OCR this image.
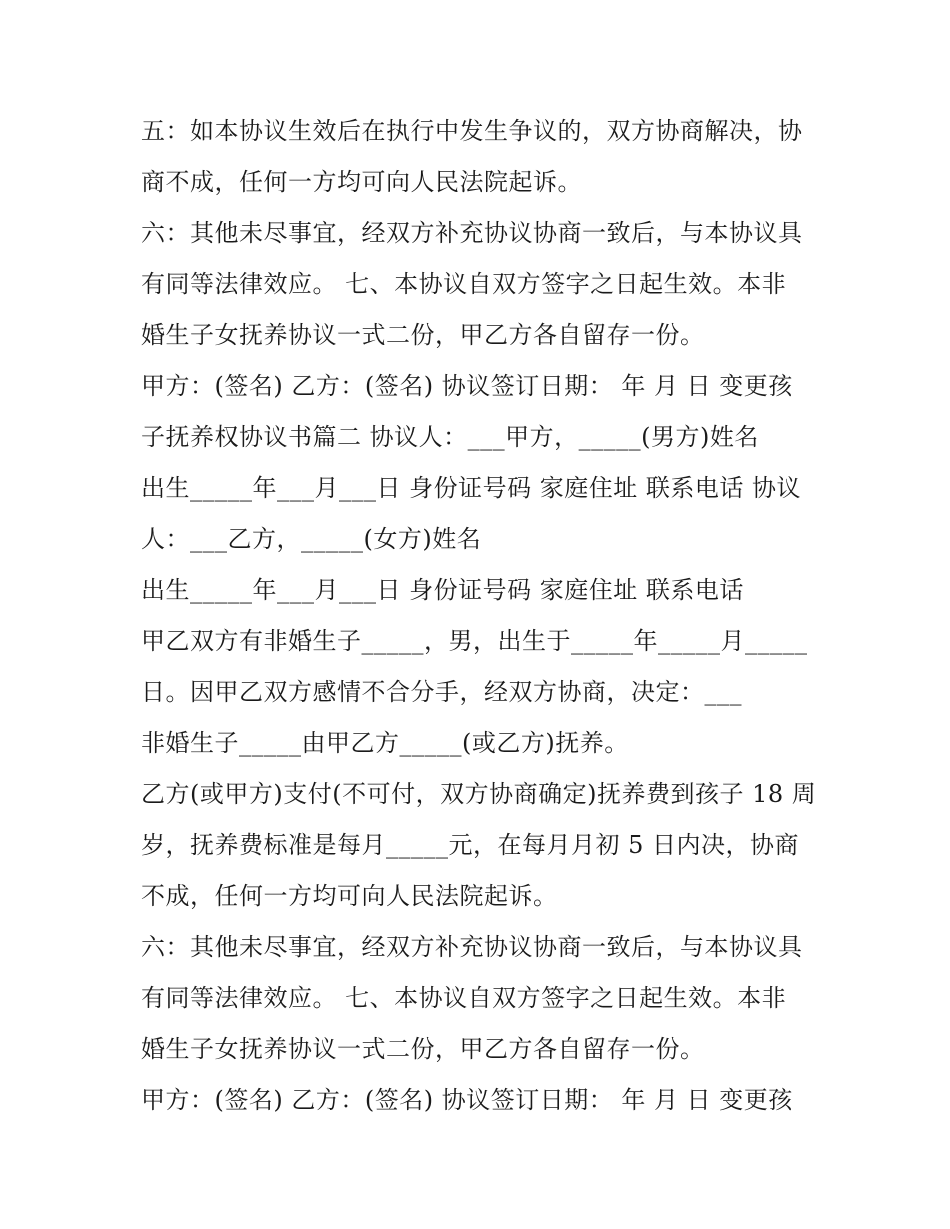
五：如本协议生效后在执行中发生争议的，双方协商解决，协
商不成，任何一方均可向人民法院起诉。
六：其他未尽事宜，经双方补充协议协商一致后，与本协议具
有同等法律效应。 七、本协议自双方签字之日起生效。本非
婚生子女抚养协议一式二份，甲乙方各自留存一份。
甲方：(签名) 乙方：(签名) 协议签订日期： 年 月 日 变更孩
子抚养权协议书篇二 协议人：___甲方，_____(男方)姓名
出生_____年___月___日 身份证号码 家庭住址 联系电话 协议
人：___乙方，_____(女方)姓名
出生_____年___月___日 身份证号码 家庭住址 联系电话
甲乙双方有非婚生子_____，男，出生于_____年_____月_____
日。因甲乙双方感情不合分手，经双方协商，决定：___
非婚生子_____由甲乙方_____(或乙方)抚养。
乙方(或甲方)支付(不可付，双方协商确定)抚养费到孩子 18 周
岁，抚养费标准是每月_____元，在每月月初 5 日内决，协商
不成，任何一方均可向人民法院起诉。
六：其他未尽事宜，经双方补充协议协商一致后，与本协议具
有同等法律效应。 七、本协议自双方签字之日起生效。本非
婚生子女抚养协议一式二份，甲乙方各自留存一份。
甲方：(签名) 乙方：(签名) 协议签订日期： 年 月 日 变更孩
